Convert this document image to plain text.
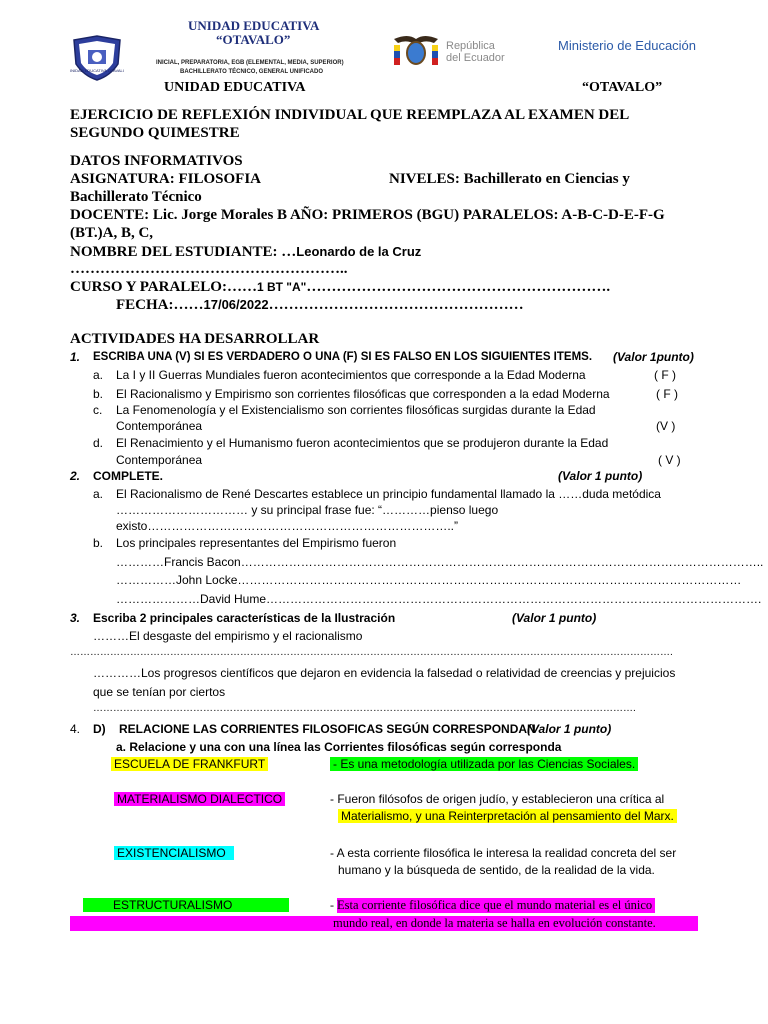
UNIDAD EDUCATIVA OTAVALO
UNIDAD EDUCATIVA
“OTAVALO”
INICIAL, PREPARATORIA, EGB (ELEMENTAL, MEDIA, SUPERIOR)
BACHILLERATO TÉCNICO, GENERAL UNIFICADO
República
del Ecuador
Ministerio de Educación
UNIDAD EDUCATIVA	“OTAVALO”
EJERCICIO DE REFLEXIÓN INDIVIDUAL QUE REEMPLAZA AL EXAMEN DEL
SEGUNDO QUIMESTRE
DATOS INFORMATIVOS
ASIGNATURA: FILOSOFIA	NIVELES: Bachillerato en Ciencias y
Bachillerato Técnico
DOCENTE: Lic. Jorge Morales B AÑO: PRIMEROS (BGU) PARALELOS: A-B-C-D-E-F-G
(BT.)A, B, C,
NOMBRE DEL ESTUDIANTE: …Leonardo de la Cruz
………………………………………………..
CURSO Y PARALELO:……1 BT "A"…………………………………………………….
FECHA:……17/06/2022……………………………………………
ACTIVIDADES HA DESARROLLAR
1. ESCRIBA UNA (V) SI ES VERDADERO O UNA (F) SI ES FALSO EN LOS SIGUIENTES ITEMS. (Valor 1punto)
a. La I y II Guerras Mundiales fueron acontecimientos que corresponde a la Edad Moderna	( F )
b. El Racionalismo y Empirismo son corrientes filosóficas que corresponden a la edad Moderna	( F )
c. La Fenomenología y el Existencialismo son corrientes filosóficas surgidas durante la Edad
Contemporánea	(V )
d. El Renacimiento y el Humanismo fueron acontecimientos que se produjeron durante la Edad
Contemporánea	( V )
2. COMPLETE.	(Valor 1 punto)
a. El Racionalismo de René Descartes establece un principio fundamental llamado la ……duda metódica
…………………………… y su principal frase fue: “…………pienso luego
existo…………………………………………………………………..”
b. Los principales representantes del Empirismo fueron
…………Francis Bacon…………………………………………………………………………………………………………………..
……………John Locke………………………………………………………………………………………………………………
…………………David Hume…………………………………………………………………………………………………………….
3. Escriba 2 principales características de la Ilustración	(Valor 1 punto)
………El desgaste del empirismo y el racionalismo
……………………………………………………………………………………………………………………………………………………………….
…………Los progresos científicos que dejaron en evidencia la falsedad o relatividad de creencias y prejuicios
que se tenían por ciertos
……………………………………………………………………………………………………………………………………………….
4. D) RELACIONE LAS CORRIENTES FILOSOFICAS SEGÚN CORRESPONDAN
(Valor 1 punto)
a. Relacione y una con una línea las Corrientes filosóficas según corresponda
ESCUELA DE FRANKFURT	- Es una metodología utilizada por las Ciencias Sociales.
MATERIALISMO DIALECTICO	- Fueron filósofos de origen judío, y establecieron una crítica al
Materialismo, y una Reinterpretación al pensamiento del Marx.
EXISTENCIALISMO	- A esta corriente filosófica le interesa la realidad concreta del ser
humano y la búsqueda de sentido, de la realidad de la vida.
ESTRUCTURALISMO	- Esta corriente filosófica dice que el mundo material es el único
mundo real, en donde la materia se halla en evolución constante.
